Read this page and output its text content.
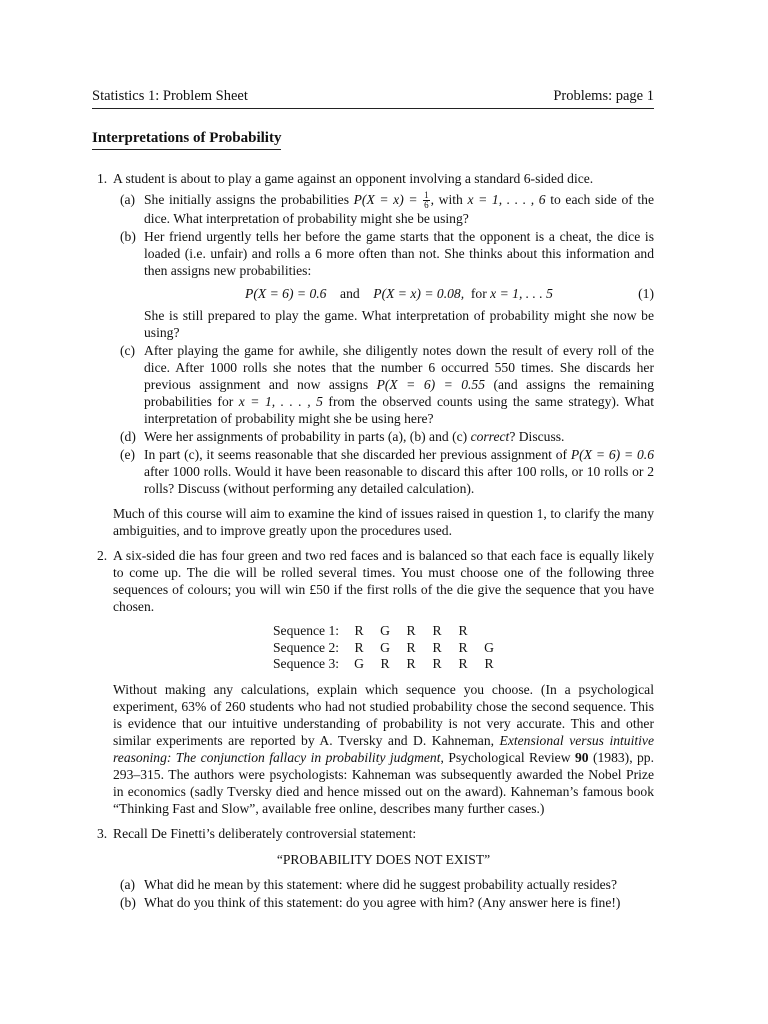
Statistics 1: Problem Sheet	Problems: page 1
Interpretations of Probability
1. A student is about to play a game against an opponent involving a standard 6-sided dice.
(a) She initially assigns the probabilities $P(X = x) = \frac{1}{6}$ , with x = 1, . . . , 6 to each side of the dice. What interpretation of probability might she be using?
(b) Her friend urgently tells her before the game starts that the opponent is a cheat, the dice is loaded (i.e. unfair) and rolls a 6 more often than not. She thinks about this information and then assigns new probabilities:
P(X = 6) = 0.6 and P(X = x) = 0.08, for x = 1, . . . 5	(1)
She is still prepared to play the game. What interpretation of probability might she now be using?
(c) After playing the game for awhile, she diligently notes down the result of every roll of the dice. After 1000 rolls she notes that the number 6 occurred 550 times. She discards her previous assignment and now assigns P(X = 6) = 0.55 (and assigns the remaining probabilities for x = 1, . . . , 5 from the observed counts using the same strategy). What interpretation of probability might she be using here?
(d) Were her assignments of probability in parts (a), (b) and (c) correct? Discuss.
(e) In part (c), it seems reasonable that she discarded her previous assignment of P(X = 6) = 0.6 after 1000 rolls. Would it have been reasonable to discard this after 100 rolls, or 10 rolls or 2 rolls? Discuss (without performing any detailed calculation).
Much of this course will aim to examine the kind of issues raised in question 1, to clarify the many ambiguities, and to improve greatly upon the procedures used.
2. A six-sided die has four green and two red faces and is balanced so that each face is equally likely to come up. The die will be rolled several times. You must choose one of the following three sequences of colours; you will win £50 if the first rolls of the die give the sequence that you have chosen.
Sequence 1:	R	G	R	R	R	
Sequence 2:	R	G	R	R	R	G
Sequence 3:	G	R	R	R	R	R
Without making any calculations, explain which sequence you choose. (In a psychological experiment, 63% of 260 students who had not studied probability chose the second sequence. This is evidence that our intuitive understanding of probability is not very accurate. This and other similar experiments are reported by A. Tversky and D. Kahneman, Extensional versus intuitive reasoning: The conjunction fallacy in probability judgment, Psychological Review 90 (1983), pp. 293–315. The authors were psychologists: Kahneman was subsequently awarded the Nobel Prize in economics (sadly Tversky died and hence missed out on the award). Kahneman’s famous book “Thinking Fast and Slow”, available free online, describes many further cases.)
3. Recall De Finetti’s deliberately controversial statement:
“PROBABILITY DOES NOT EXIST”
(a) What did he mean by this statement: where did he suggest probability actually resides?
(b) What do you think of this statement: do you agree with him? (Any answer here is fine!)
